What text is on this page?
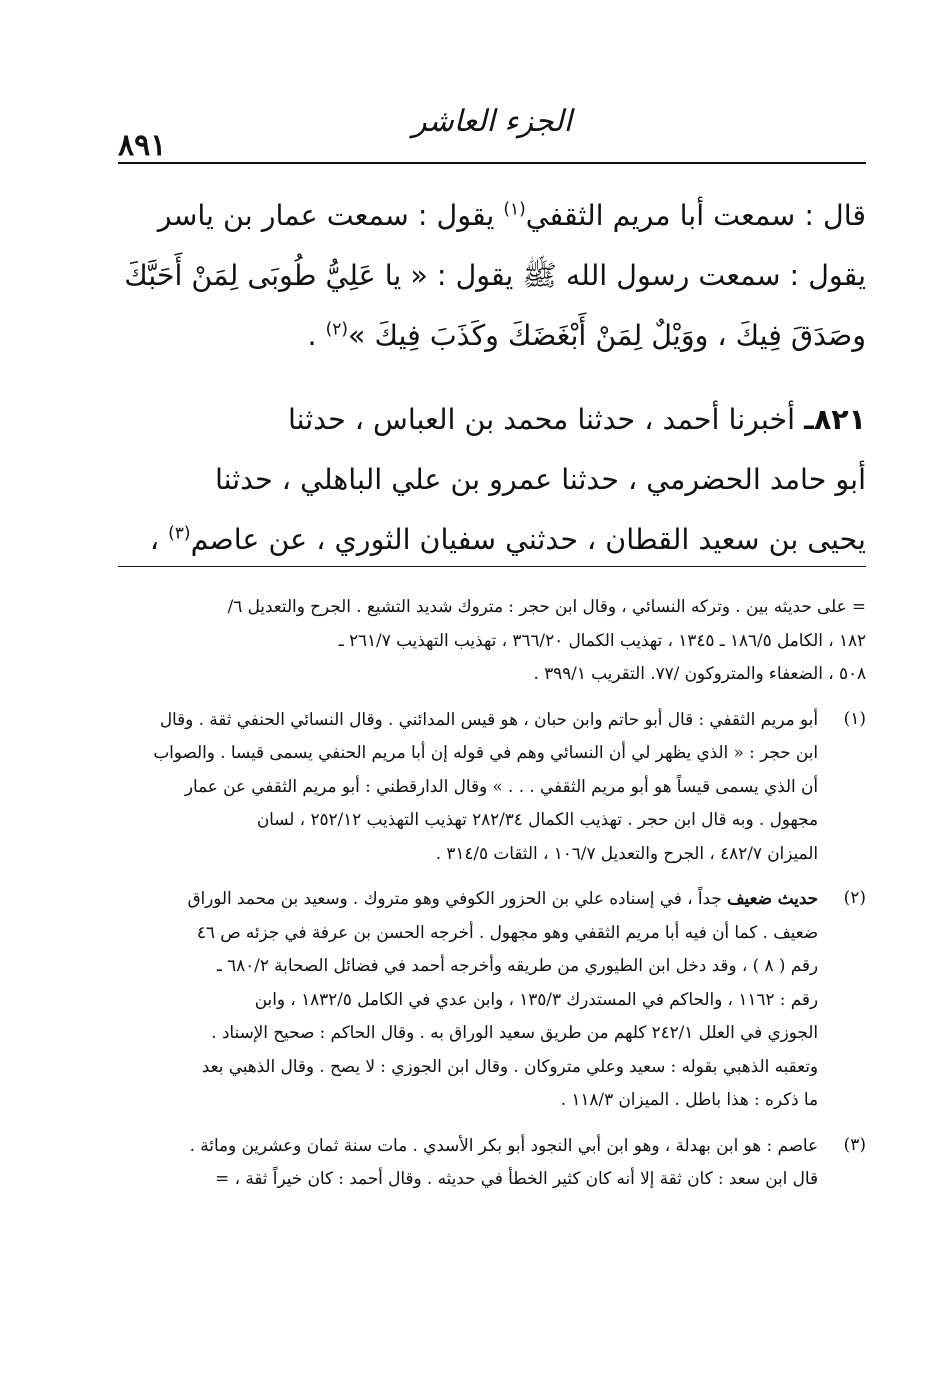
٨٩١
الجزء العاشر

قال : سمعت أبا مريم الثقفي$^{(١)}$ يقول : سمعت عمار بن ياسر
يقول : سمعت رسول الله ﷺ يقول : « يا عَلِيُّ طُوبَى لِمَنْ أَحَبَّكَ
وصَدَقَ فِيكَ ، ووَيْلٌ لِمَنْ أَبْغَضَكَ وكَذَبَ فِيكَ »$^{(٢)}$ .

٨٢١ـ أخبرنا أحمد ، حدثنا محمد بن العباس ، حدثنا
أبو حامد الحضرمي ، حدثنا عمرو بن علي الباهلي ، حدثنا
يحيى بن سعيد القطان ، حدثني سفيان الثوري ، عن عاصم$^{(٣)}$ ،

= على حديثه بين . وتركه النسائي ، وقال ابن حجر : متروك شديد التشيع . الجرح والتعديل ٦/
١٨٢ ، الكامل ١٨٦/٥ ـ ١٣٤٥ ، تهذيب الكمال ٣٦٦/٢٠ ، تهذيب التهذيب ٢٦١/٧ ـ
٥٠٨ ، الضعفاء والمتروكون /٧٧. التقريب ٣٩٩/١ .
(١)
أبو مريم الثقفي : قال أبو حاتم وابن حبان ، هو قيس المدائني . وقال النسائي الحنفي ثقة . وقال
ابن حجر : « الذي يظهر لي أن النسائي وهم في قوله إن أبا مريم الحنفي يسمى قيسا . والصواب
أن الذي يسمى قيساً هو أبو مريم الثقفي . . . » وقال الدارقطني : أبو مريم الثقفي عن عمار
مجهول . وبه قال ابن حجر . تهذيب الكمال ٢٨٢/٣٤ تهذيب التهذيب ٢٥٢/١٢ ، لسان
الميزان ٤٨٢/٧ ، الجرح والتعديل ١٠٦/٧ ، الثقات ٣١٤/٥ .
(٢)
حديث ضعيف جداً ، في إسناده علي بن الحزور الكوفي وهو متروك . وسعيد بن محمد الوراق
ضعيف . كما أن فيه أبا مريم الثقفي وهو مجهول . أخرجه الحسن بن عرفة في جزئه ص ٤٦
رقم ( ٨ ) ، وقد دخل ابن الطيوري من طريقه وأخرجه أحمد في فضائل الصحابة ٦٨٠/٢ ـ
رقم : ١١٦٢ ، والحاكم في المستدرك ١٣٥/٣ ، وابن عدي في الكامل ١٨٣٢/٥ ، وابن
الجوزي في العلل ٢٤٢/١ كلهم من طريق سعيد الوراق به . وقال الحاكم : صحيح الإسناد .
وتعقبه الذهبي بقوله : سعيد وعلي متروكان . وقال ابن الجوزي : لا يصح . وقال الذهبي بعد
ما ذكره : هذا باطل . الميزان ١١٨/٣ .
(٣)
عاصم : هو ابن بهدلة ، وهو ابن أبي النجود أبو بكر الأسدي . مات سنة ثمان وعشرين ومائة .
قال ابن سعد : كان ثقة إلا أنه كان كثير الخطأ في حديثه . وقال أحمد : كان خيراً ثقة ، =
